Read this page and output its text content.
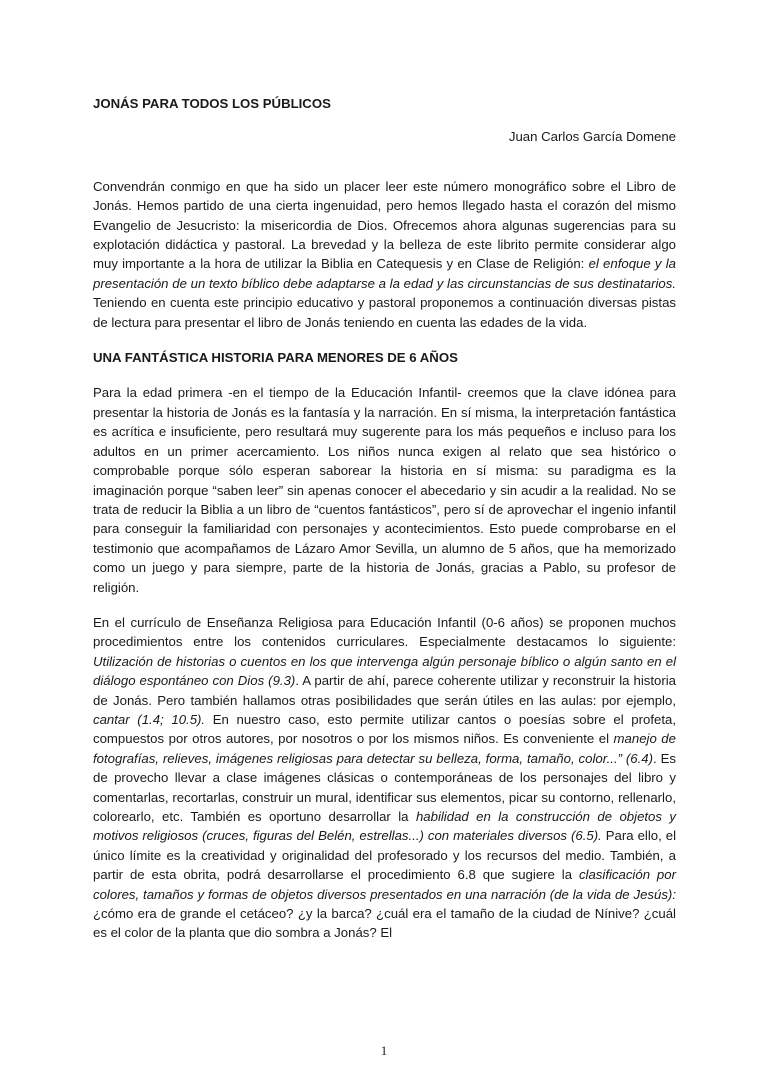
JONÁS PARA TODOS LOS PÚBLICOS

Juan Carlos García Domene

Convendrán conmigo en que ha sido un placer leer este número monográfico sobre el Libro de Jonás. Hemos partido de una cierta ingenuidad, pero hemos llegado hasta el corazón del mismo Evangelio de Jesucristo: la misericordia de Dios. Ofrecemos ahora algunas sugerencias para su explotación didáctica y pastoral. La brevedad y la belleza de este librito permite considerar algo muy importante a la hora de utilizar la Biblia en Catequesis y en Clase de Religión: el enfoque y la presentación de un texto bíblico debe adaptarse a la edad y las circunstancias de sus destinatarios. Teniendo en cuenta este principio educativo y pastoral proponemos a continuación diversas pistas de lectura para presentar el libro de Jonás teniendo en cuenta las edades de la vida.

UNA FANTÁSTICA HISTORIA PARA MENORES DE 6 AÑOS

Para la edad primera -en el tiempo de la Educación Infantil- creemos que la clave idónea para presentar la historia de Jonás es la fantasía y la narración. En sí misma, la interpretación fantástica es acrítica e insuficiente, pero resultará muy sugerente para los más pequeños e incluso para los adultos en un primer acercamiento. Los niños nunca exigen al relato que sea histórico o comprobable porque sólo esperan saborear la historia en sí misma: su paradigma es la imaginación porque “saben leer” sin apenas conocer el abecedario y sin acudir a la realidad. No se trata de reducir la Biblia a un libro de “cuentos fantásticos”, pero sí de aprovechar el ingenio infantil para conseguir la familiaridad con personajes y acontecimientos. Esto puede comprobarse en el testimonio que acompañamos de Lázaro Amor Sevilla, un alumno de 5 años, que ha memorizado como un juego y para siempre, parte de la historia de Jonás, gracias a Pablo, su profesor de religión.

En el currículo de Enseñanza Religiosa para Educación Infantil (0-6 años) se proponen muchos procedimientos entre los contenidos curriculares. Especialmente destacamos lo siguiente: Utilización de historias o cuentos en los que intervenga algún personaje bíblico o algún santo en el diálogo espontáneo con Dios (9.3). A partir de ahí, parece coherente utilizar y reconstruir la historia de Jonás. Pero también hallamos otras posibilidades que serán útiles en las aulas: por ejemplo, cantar (1.4; 10.5). En nuestro caso, esto permite utilizar cantos o poesías sobre el profeta, compuestos por otros autores, por nosotros o por los mismos niños. Es conveniente el manejo de fotografías, relieves, imágenes religiosas para detectar su belleza, forma, tamaño, color...” (6.4). Es de provecho llevar a clase imágenes clásicas o contemporáneas de los personajes del libro y comentarlas, recortarlas, construir un mural, identificar sus elementos, picar su contorno, rellenarlo, colorearlo, etc. También es oportuno desarrollar la habilidad en la construcción de objetos y motivos religiosos (cruces, figuras del Belén, estrellas...) con materiales diversos (6.5). Para ello, el único límite es la creatividad y originalidad del profesorado y los recursos del medio. También, a partir de esta obrita, podrá desarrollarse el procedimiento 6.8 que sugiere la clasificación por colores, tamaños y formas de objetos diversos presentados en una narración (de la vida de Jesús): ¿cómo era de grande el cetáceo? ¿y la barca? ¿cuál era el tamaño de la ciudad de Nínive? ¿cuál es el color de la planta que dio sombra a Jonás? El

1
